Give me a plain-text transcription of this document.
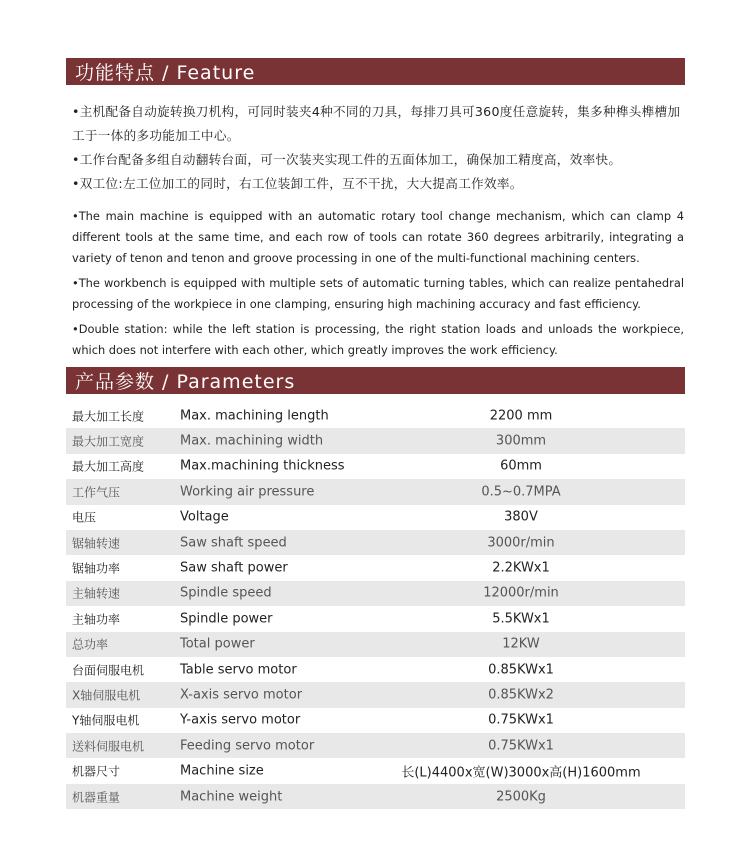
功能特点 / Feature

•主机配备自动旋转换刀机构，可同时装夹4种不同的刀具，每排刀具可360度任意旋转，集多种榫头榫槽加工于一体的多功能加工中心。

•工作台配备多组自动翻转台面，可一次装夹实现工件的五面体加工，确保加工精度高，效率快。

•双工位:左工位加工的同时，右工位装卸工件，互不干扰，大大提高工作效率。

•The main machine is equipped with an automatic rotary tool change mechanism, which can clamp 4 different tools at the same time, and each row of tools can rotate 360 degrees arbitrarily, integrating a variety of tenon and tenon and groove processing in one of the multi-functional machining centers.

•The workbench is equipped with multiple sets of automatic turning tables, which can realize pentahedral processing of the workpiece in one clamping, ensuring high machining accuracy and fast efficiency.

•Double station: while the left station is processing, the right station loads and unloads the workpiece, which does not interfere with each other, which greatly improves the work efficiency.

产品参数 / Parameters
最大加工长度	Max. machining length	2200 mm
最大加工宽度	Max. machining width	300mm
最大加工高度	Max.machining thickness	60mm
工作气压	Working air pressure	0.5~0.7MPA
电压	Voltage	380V
锯轴转速	Saw shaft speed	3000r/min
锯轴功率	Saw shaft power	2.2KWx1
主轴转速	Spindle speed	12000r/min
主轴功率	Spindle power	5.5KWx1
总功率	Total power	12KW
台面伺服电机	Table servo motor	0.85KWx1
X轴伺服电机	X-axis servo motor	0.85KWx2
Y轴伺服电机	Y-axis servo motor	0.75KWx1
送料伺服电机	Feeding servo motor	0.75KWx1
机器尺寸	Machine size	长(L)4400x宽(W)3000x高(H)1600mm
机器重量	Machine weight	2500Kg
